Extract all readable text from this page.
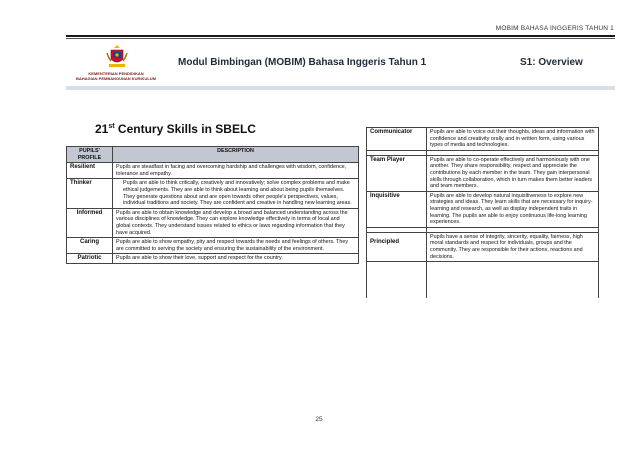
MOBIM BAHASA INGGERIS TAHUN 1
KEMENTERIAN PENDIDIKAN
BAHAGIAN PEMBANGUNAN KURIKULUM
Modul Bimbingan (MOBIM) Bahasa Inggeris Tahun 1	S1: Overview
21st Century Skills in SBELC
PUPILS' PROFILE	DESCRIPTION
Resilient	Pupils are steadfast in facing and overcoming hardship and challenges with wisdom, confidence, tolerance and empathy.
Thinker	Pupils are able to think critically, creatively and innovatively; solve complex problems and make ethical judgements. They are able to think about learning and about being pupils themselves. They generate questions about and are open towards other people's perspectives, values, individual traditions and society. They are confident and creative in handling new learning areas.
Informed	Pupils are able to obtain knowledge and develop a broad and balanced understanding across the various disciplines of knowledge. They can explore knowledge effectively in terms of local and global contexts. They understand issues related to ethics or laws regarding information that they have acquired.
Caring	Pupils are able to show empathy, pity and respect towards the needs and feelings of others. They are committed to serving the society and ensuring the sustainability of the environment.
Patriotic	Pupils are able to show their love, support and respect for the country.
Communicator	Pupils are able to voice out their thoughts, ideas and information with confidence and creativity orally and in written form, using various types of media and technologies.

Team Player	Pupils are able to co-operate effectively and harmoniously with one another. They share responsibility, respect and appreciate the contributions by each member in the team. They gain interpersonal skills through collaboration, which in turn makes them better leaders and team members.
Inquisitive	Pupils are able to develop natural inquisitiveness to explore new strategies and ideas. They learn skills that are necessary for inquiry-learning and research, as well as display independent traits in learning. The pupils are able to enjoy continuous life-long learning experiences.

Principled	Pupils have a sense of integrity, sincerity, equality, fairness, high moral standards and respect for individuals, groups and the community. They are responsible for their actions, reactions and decisions.

25
